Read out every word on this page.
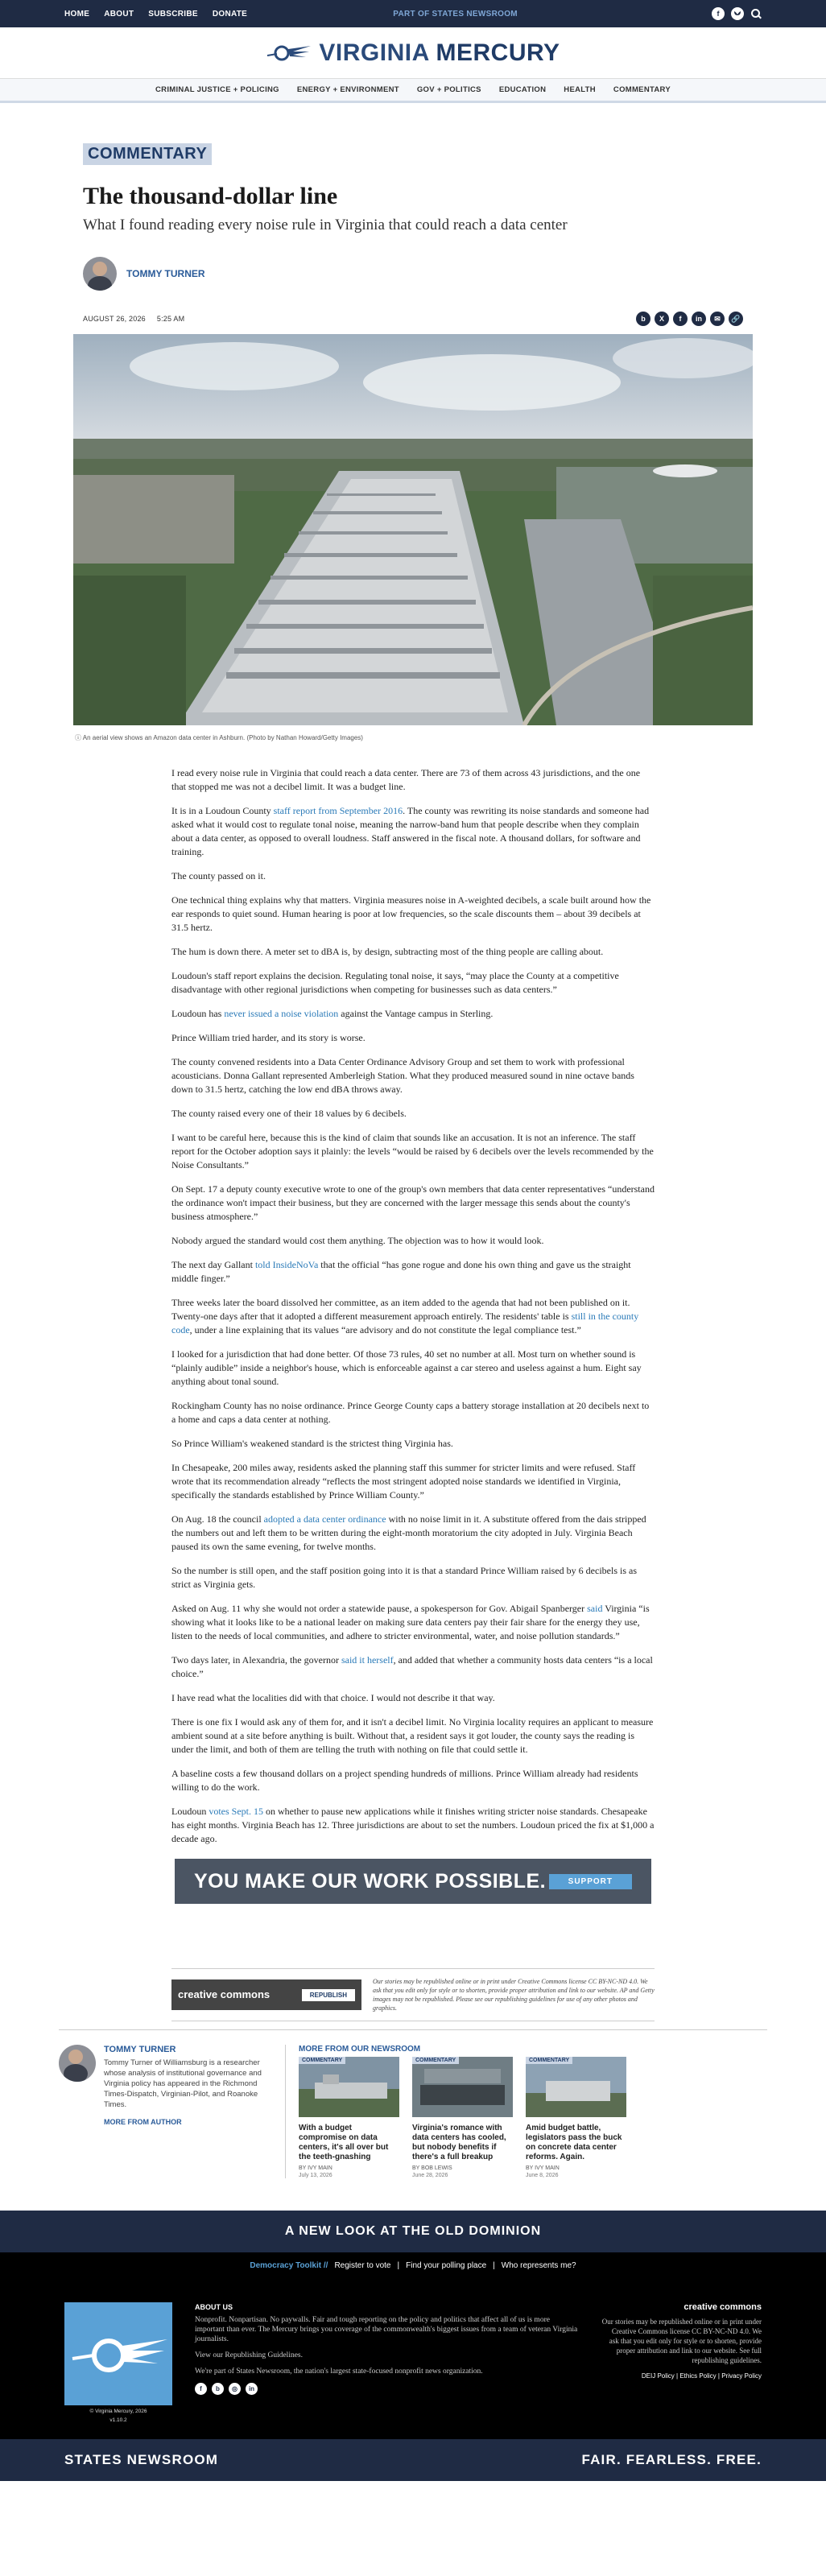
HOME ABOUT SUBSCRIBE DONATE	PART OF STATES NEWSROOM	f
VIRGINIA MERCURY
CRIMINAL JUSTICE + POLICING ENERGY + ENVIRONMENT GOV + POLITICS EDUCATION HEALTH COMMENTARY
COMMENTARY
The thousand-dollar line
What I found reading every noise rule in Virginia that could reach a data center
TOMMY TURNER
AUGUST 26, 2026 5:25 AM	b	X	f	in	✉	🔗
ⓘ An aerial view shows an Amazon data center in Ashburn. (Photo by Nathan Howard/Getty Images)

I read every noise rule in Virginia that could reach a data center. There are 73 of them across 43 jurisdictions, and the one that stopped me was not a decibel limit. It was a budget line.

It is in a Loudoun County staff report from September 2016. The county was rewriting its noise standards and someone had asked what it would cost to regulate tonal noise, meaning the narrow-band hum that people describe when they complain about a data center, as opposed to overall loudness. Staff answered in the fiscal note. A thousand dollars, for software and training.

The county passed on it.

One technical thing explains why that matters. Virginia measures noise in A-weighted decibels, a scale built around how the ear responds to quiet sound. Human hearing is poor at low frequencies, so the scale discounts them – about 39 decibels at 31.5 hertz.

The hum is down there. A meter set to dBA is, by design, subtracting most of the thing people are calling about.

Loudoun's staff report explains the decision. Regulating tonal noise, it says, “may place the County at a competitive disadvantage with other regional jurisdictions when competing for businesses such as data centers.”

Loudoun has never issued a noise violation against the Vantage campus in Sterling.

Prince William tried harder, and its story is worse.

The county convened residents into a Data Center Ordinance Advisory Group and set them to work with professional acousticians. Donna Gallant represented Amberleigh Station. What they produced measured sound in nine octave bands down to 31.5 hertz, catching the low end dBA throws away.

The county raised every one of their 18 values by 6 decibels.

I want to be careful here, because this is the kind of claim that sounds like an accusation. It is not an inference. The staff report for the October adoption says it plainly: the levels “would be raised by 6 decibels over the levels recommended by the Noise Consultants.”

On Sept. 17 a deputy county executive wrote to one of the group's own members that data center representatives “understand the ordinance won't impact their business, but they are concerned with the larger message this sends about the county's business atmosphere.”

Nobody argued the standard would cost them anything. The objection was to how it would look.

The next day Gallant told InsideNoVa that the official “has gone rogue and done his own thing and gave us the straight middle finger.”

Three weeks later the board dissolved her committee, as an item added to the agenda that had not been published on it. Twenty-one days after that it adopted a different measurement approach entirely. The residents' table is still in the county code, under a line explaining that its values “are advisory and do not constitute the legal compliance test.”

I looked for a jurisdiction that had done better. Of those 73 rules, 40 set no number at all. Most turn on whether sound is “plainly audible” inside a neighbor's house, which is enforceable against a car stereo and useless against a hum. Eight say anything about tonal sound.

Rockingham County has no noise ordinance. Prince George County caps a battery storage installation at 20 decibels next to a home and caps a data center at nothing.

So Prince William's weakened standard is the strictest thing Virginia has.

In Chesapeake, 200 miles away, residents asked the planning staff this summer for stricter limits and were refused. Staff wrote that its recommendation already “reflects the most stringent adopted noise standards we identified in Virginia, specifically the standards established by Prince William County.”

On Aug. 18 the council adopted a data center ordinance with no noise limit in it. A substitute offered from the dais stripped the numbers out and left them to be written during the eight-month moratorium the city adopted in July. Virginia Beach paused its own the same evening, for twelve months.

So the number is still open, and the staff position going into it is that a standard Prince William raised by 6 decibels is as strict as Virginia gets.

Asked on Aug. 11 why she would not order a statewide pause, a spokesperson for Gov. Abigail Spanberger said Virginia “is showing what it looks like to be a national leader on making sure data centers pay their fair share for the energy they use, listen to the needs of local communities, and adhere to stricter environmental, water, and noise pollution standards.”

Two days later, in Alexandria, the governor said it herself, and added that whether a community hosts data centers “is a local choice.”

I have read what the localities did with that choice. I would not describe it that way.

There is one fix I would ask any of them for, and it isn't a decibel limit. No Virginia locality requires an applicant to measure ambient sound at a site before anything is built. Without that, a resident says it got louder, the county says the reading is under the limit, and both of them are telling the truth with nothing on file that could settle it.

A baseline costs a few thousand dollars on a project spending hundreds of millions. Prince William already had residents willing to do the work.

Loudoun votes Sept. 15 on whether to pause new applications while it finishes writing stricter noise standards. Chesapeake has eight months. Virginia Beach has 12. Three jurisdictions are about to set the numbers. Loudoun priced the fix at $1,000 a decade ago.

YOU MAKE OUR WORK POSSIBLE.	SUPPORT
creative commons	REPUBLISH
Our stories may be republished online or in print under Creative Commons license CC BY-NC-ND 4.0. We ask that you edit only for style or to shorten, provide proper attribution and link to our website. AP and Getty images may not be republished. Please see our republishing guidelines for use of any other photos and graphics.
TOMMY TURNER
Tommy Turner of Williamsburg is a researcher whose analysis of institutional governance and Virginia policy has appeared in the Richmond Times-Dispatch, Virginian-Pilot, and Roanoke Times.
MORE FROM AUTHOR
MORE FROM OUR NEWSROOM
COMMENTARY
With a budget compromise on data centers, it's all over but the teeth-gnashing
BY IVY MAIN
July 13, 2026
COMMENTARY
Virginia's romance with data centers has cooled, but nobody benefits if there's a full breakup
BY BOB LEWIS
June 28, 2026
COMMENTARY
Amid budget battle, legislators pass the buck on concrete data center reforms. Again.
BY IVY MAIN
June 8, 2026
A NEW LOOK AT THE OLD DOMINION
Democracy Toolkit // Register to vote | Find your polling place | Who represents me?
© Virginia Mercury, 2026
v1.10.2
ABOUT US
Nonprofit. Nonpartisan. No paywalls. Fair and tough reporting on the policy and politics that affect all of us is more important than ever. The Mercury brings you coverage of the commonwealth's biggest issues from a team of veteran Virginia journalists.
View our Republishing Guidelines.
We're part of States Newsroom, the nation's largest state-focused nonprofit news organization.
f	b	◎	in
creative commons
Our stories may be republished online or in print under Creative Commons license CC BY-NC-ND 4.0. We ask that you edit only for style or to shorten, provide proper attribution and link to our website. See full republishing guidelines.
DEIJ Policy | Ethics Policy | Privacy Policy
STATES NEWSROOM	FAIR. FEARLESS. FREE.
